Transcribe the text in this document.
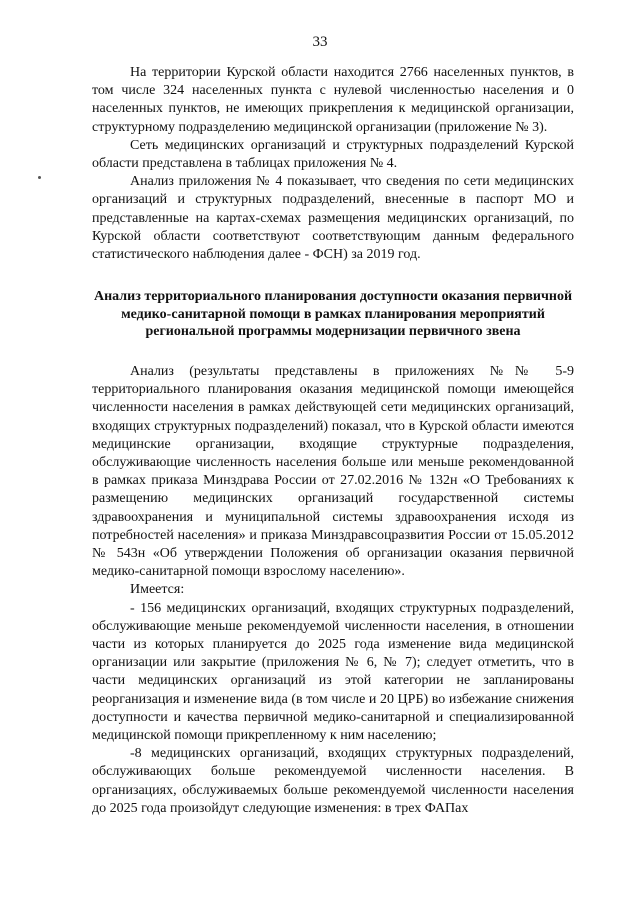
33

На территории Курской области находится 2766 населенных пунктов, в том числе 324 населенных пункта с нулевой численностью населения и 0 населенных пунктов, не имеющих прикрепления к медицинской организации, структурному подразделению медицинской организации (приложение № 3).

Сеть медицинских организаций и структурных подразделений Курской области представлена в таблицах приложения № 4.

Анализ приложения № 4 показывает, что сведения по сети медицинских организаций и структурных подразделений, внесенные в паспорт МО и представленные на картах-схемах размещения медицинских организаций, по Курской области соответствуют соответствующим данным федерального статистического наблюдения далее - ФСН) за 2019 год.

Анализ территориального планирования доступности оказания первичной медико-санитарной помощи в рамках планирования мероприятий региональной программы модернизации первичного звена

Анализ (результаты представлены в приложениях №№ 5-9 территориального планирования оказания медицинской помощи имеющейся численности населения в рамках действующей сети медицинских организаций, входящих структурных подразделений) показал, что в Курской области имеются медицинские организации, входящие структурные подразделения, обслуживающие численность населения больше или меньше рекомендованной в рамках приказа Минздрава России от 27.02.2016 № 132н «О Требованиях к размещению медицинских организаций государственной системы здравоохранения и муниципальной системы здравоохранения исходя из потребностей населения» и приказа Минздравсоцразвития России от 15.05.2012 № 543н «Об утверждении Положения об организации оказания первичной медико-санитарной помощи взрослому населению».

Имеется:

- 156 медицинских организаций, входящих структурных подразделений, обслуживающие меньше рекомендуемой численности населения, в отношении части из которых планируется до 2025 года изменение вида медицинской организации или закрытие (приложения № 6, № 7); следует отметить, что в части медицинских организаций из этой категории не запланированы реорганизация и изменение вида (в том числе и 20 ЦРБ) во избежание снижения доступности и качества первичной медико-санитарной и специализированной медицинской помощи прикрепленному к ним населению;

-8 медицинских организаций, входящих структурных подразделений, обслуживающих больше рекомендуемой численности населения. В организациях, обслуживаемых больше рекомендуемой численности населения до 2025 года произойдут следующие изменения: в трех ФАПах
